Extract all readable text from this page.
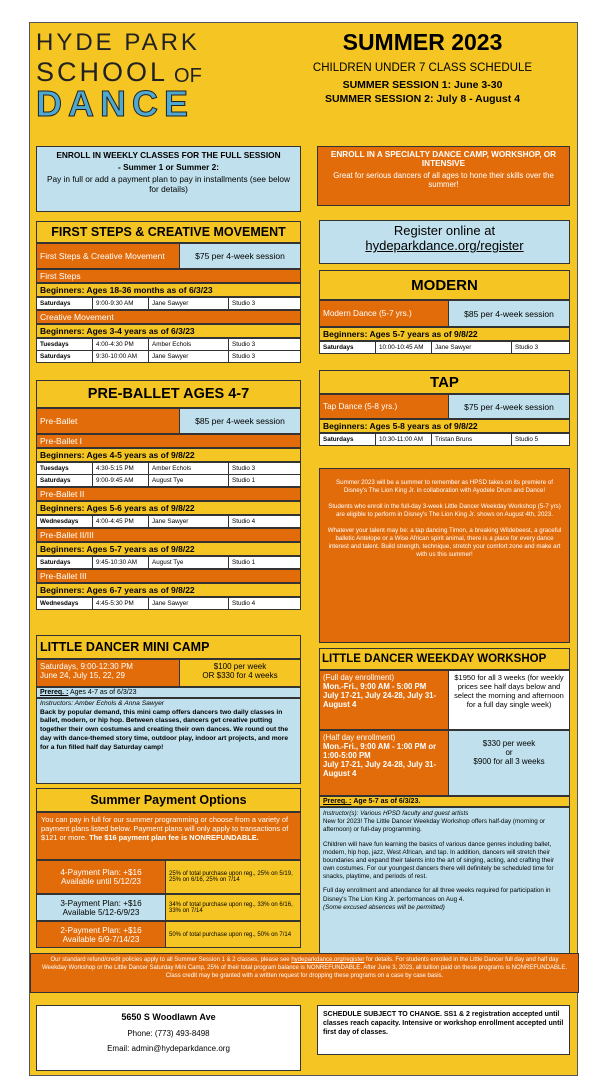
HYDE PARK
SCHOOL OF
DANCE
SUMMER 2023
CHILDREN UNDER 7 CLASS SCHEDULE
SUMMER SESSION 1: June 3-30
SUMMER SESSION 2: July 8 - August 4
ENROLL IN WEEKLY CLASSES FOR THE FULL SESSION
- Summer 1 or Summer 2:
Pay in full or add a payment plan to pay in installments (see below for details)
ENROLL IN A SPECIALTY DANCE CAMP, WORKSHOP, OR INTENSIVE
Great for serious dancers of all ages to hone their skills over the summer!
Register online at hydeparkdance.org/register
FIRST STEPS & CREATIVE MOVEMENT
First Steps & Creative Movement	$75 per 4-week session
First Steps
Beginners: Ages 18-36 months as of 6/3/23
Saturdays	9:00-9:30 AM	Jane Sawyer	Studio 3
Creative Movement
Beginners: Ages 3-4 years as of 6/3/23
Tuesdays	4:00-4:30 PM	Amber Echols	Studio 3
Saturdays	9:30-10:00 AM	Jane Sawyer	Studio 3
MODERN
Modern Dance (5-7 yrs.)	$85 per 4-week session
Beginners: Ages 5-7 years as of 9/8/22
Saturdays	10:00-10:45 AM	Jane Sawyer	Studio 3
TAP
Tap Dance (5-8 yrs.)	$75 per 4-week session
Beginners: Ages 5-8 years as of 9/8/22
Saturdays	10:30-11:00 AM	Tristan Bruns	Studio 5
PRE-BALLET AGES 4-7
Pre-Ballet	$85 per 4-week session
Pre-Ballet I
Beginners: Ages 4-5 years as of 9/8/22
Tuesdays	4:30-5:15 PM	Amber Echols	Studio 3
Saturdays	9:00-9:45 AM	August Tye	Studio 1
Pre-Ballet II
Beginners: Ages 5-6 years as of 9/8/22
Wednesdays	4:00-4:45 PM	Jane Sawyer	Studio 4
Pre-Ballet II/III
Beginners: Ages 5-7 years as of 9/8/22
Saturdays	9:45-10:30 AM	August Tye	Studio 1
Pre-Ballet III
Beginners: Ages 6-7 years as of 9/8/22
Wednesdays	4:45-5:30 PM	Jane Sawyer	Studio 4
Summer 2023 will be a summer to remember as HPSD takes on its premiere of Disney's The Lion King Jr. in collaboration with Ayodele Drum and Dance!
Students who enroll in the full-day 3-week Little Dancer Weekday Workshop (5-7 yrs) are eligible to perform in Disney's The Lion King Jr. shows on August 4th, 2023.
Whatever your talent may be: a tap dancing Timon, a breaking Wildebeest, a graceful balletic Antelope or a Wise African spirit animal, there is a place for every dance interest and talent. Build strength, technique, stretch your comfort zone and make art with us this summer!
LITTLE DANCER MINI CAMP
Saturdays, 9:00-12:30 PM
June 24, July 15, 22, 29
$100 per week
OR $330 for 4 weeks
Prereq. : Ages 4-7 as of 6/3/23
Instructors: Amber Echols & Anna Sawyer
Back by popular demand, this mini camp offers dancers two daily classes in ballet, modern, or hip hop. Between classes, dancers get creative putting together their own costumes and creating their own dances. We round out the day with dance-themed story time, outdoor play, indoor art projects, and more for a fun filled half day Saturday camp!
LITTLE DANCER WEEKDAY WORKSHOP
(Full day enrollment)
Mon.-Fri., 9:00 AM - 5:00 PM
July 17-21, July 24-28, July 31-August 4
$1950 for all 3 weeks (for weekly prices see half days below and select the morning and afternoon for a full day single week)
(Half day enrollment)
Mon.-Fri., 9:00 AM - 1:00 PM or 1:00-5:00 PM
July 17-21, July 24-28, July 31-August 4
$330 per week
or
$900 for all 3 weeks
Prereq. : Age 5-7 as of 6/3/23.
Instructor(s): Various HPSD faculty and guest artists
New for 2023! The Little Dancer Weekday Workshop offers half-day (morning or afternoon) or full-day programming.
Children will have fun learning the basics of various dance genres including ballet, modern, hip hop, jazz, West African, and tap. In addition, dancers will stretch their boundaries and expand their talents into the art of singing, acting, and crafting their own costumes. For our youngest dancers there will definitely be scheduled time for snacks, playtime, and periods of rest.
Full day enrollment and attendance for all three weeks required for participation in Disney's The Lion King Jr. performances on Aug 4.
(Some excused absences will be permitted)
Summer Payment Options
You can pay in full for our summer programming or choose from a variety of payment plans listed below. Payment plans will only apply to transactions of $121 or more. The $16 payment plan fee is NONREFUNDABLE.
4-Payment Plan: +$16
Available until 5/12/23
25% of total purchase upon reg., 25% on 5/19, 25% on 6/16, 25% on 7/14
3-Payment Plan: +$16
Available 5/12-6/9/23
34% of total purchase upon reg., 33% on 6/16, 33% on 7/14
2-Payment Plan: +$16
Available 6/9-7/14/23	50% of total purchase upon reg., 50% on 7/14
Our standard refund/credit policies apply to all Summer Session 1 & 2 classes, please see hydeparkdance.org/register for details. For students enrolled in the Little Dancer full day and half day Weekday Workshop or the Little Dancer Saturday Mini Camp, 25% of their total program balance is NONREFUNDABLE. After June 3, 2023, all tuition paid on these programs is NONREFUNDABLE. Class credit may be granted with a written request for dropping these programs on a case by case basis.
5650 S Woodlawn Ave
Phone: (773) 493-8498
Email: admin@hydeparkdance.org
SCHEDULE SUBJECT TO CHANGE. SS1 & 2 registration accepted until classes reach capacity. Intensive or workshop enrollment accepted until first day of classes.
